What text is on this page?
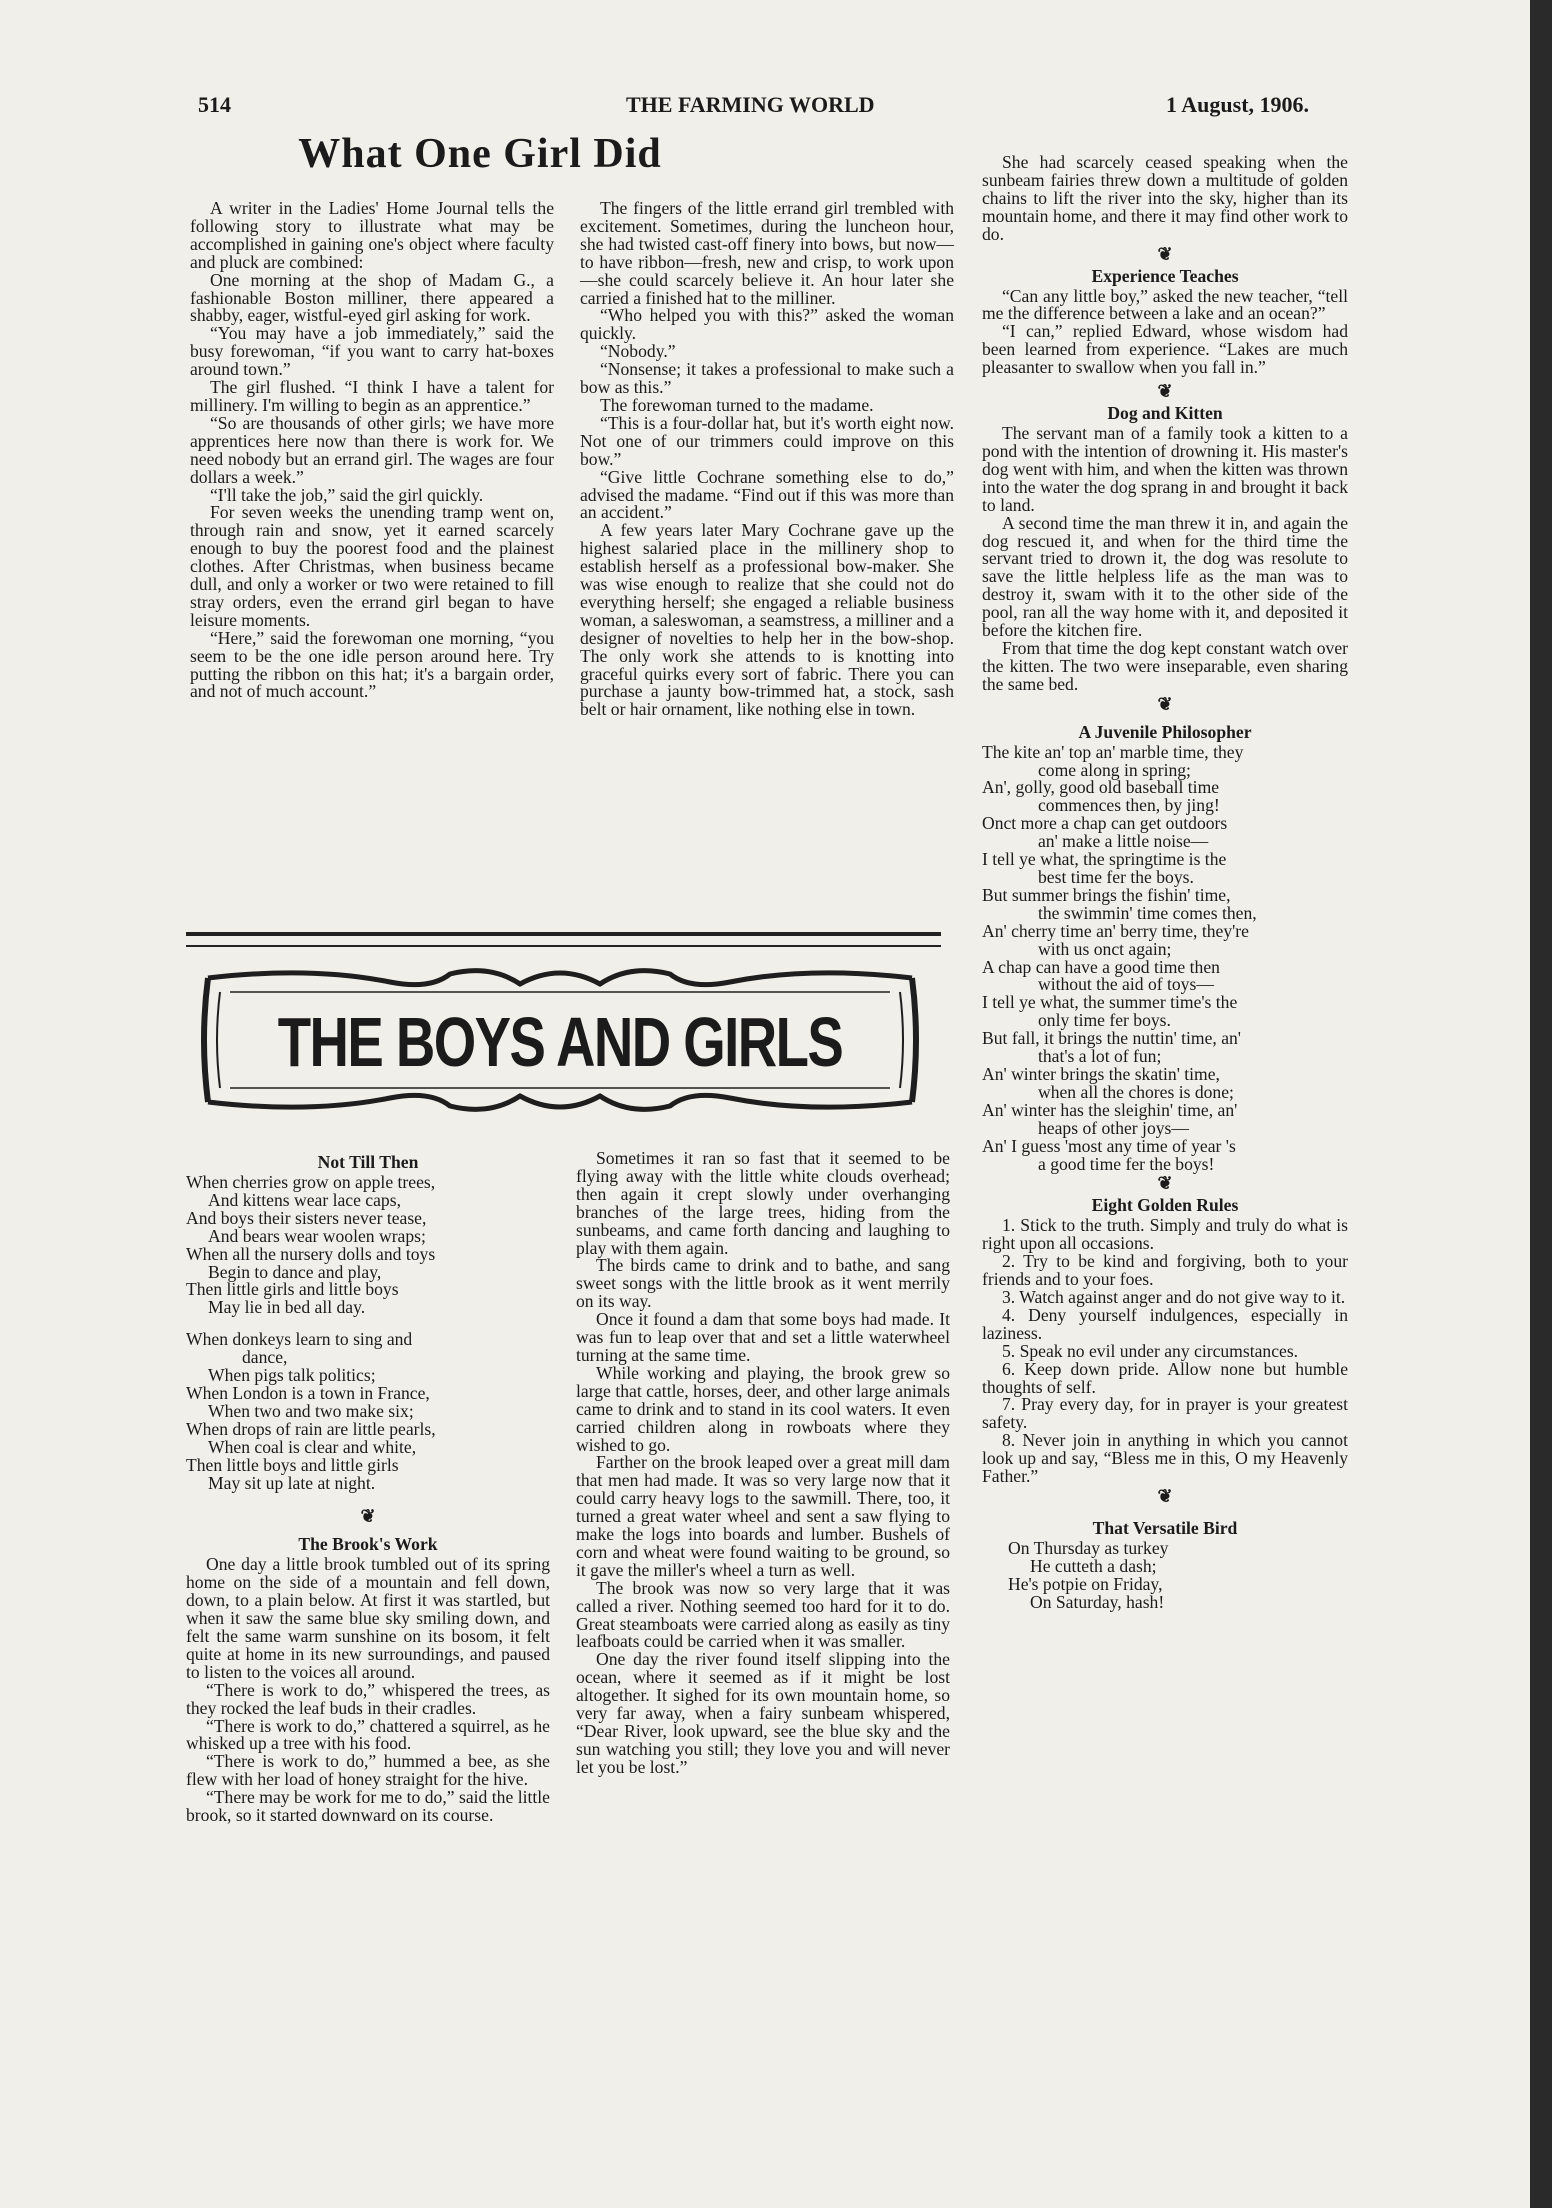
514	THE FARMING WORLD	1 August, 1906.
What One Girl Did

A writer in the Ladies' Home Journal tells the following story to illustrate what may be accomplished in gaining one's object where faculty and pluck are combined:

One morning at the shop of Madam G., a fashionable Boston milliner, there appeared a shabby, eager, wistful-eyed girl asking for work.

“You may have a job immediately,” said the busy forewoman, “if you want to carry hat-boxes around town.”

The girl flushed. “I think I have a talent for millinery. I'm willing to begin as an apprentice.”

“So are thousands of other girls; we have more apprentices here now than there is work for. We need nobody but an errand girl. The wages are four dollars a week.”

“I'll take the job,” said the girl quickly.

For seven weeks the unending tramp went on, through rain and snow, yet it earned scarcely enough to buy the poorest food and the plainest clothes. After Christmas, when business became dull, and only a worker or two were retained to fill stray orders, even the errand girl began to have leisure moments.

“Here,” said the forewoman one morning, “you seem to be the one idle person around here. Try putting the ribbon on this hat; it's a bargain order, and not of much account.”

The fingers of the little errand girl trembled with excitement. Sometimes, during the luncheon hour, she had twisted cast-off finery into bows, but now—to have ribbon—fresh, new and crisp, to work upon—she could scarcely believe it. An hour later she carried a finished hat to the milliner.

“Who helped you with this?” asked the woman quickly.

“Nobody.”

“Nonsense; it takes a professional to make such a bow as this.”

The forewoman turned to the madame.

“This is a four-dollar hat, but it's worth eight now. Not one of our trimmers could improve on this bow.”

“Give little Cochrane something else to do,” advised the madame. “Find out if this was more than an accident.”

A few years later Mary Cochrane gave up the highest salaried place in the millinery shop to establish herself as a professional bow-maker. She was wise enough to realize that she could not do everything herself; she engaged a reliable business woman, a saleswoman, a seamstress, a milliner and a designer of novelties to help her in the bow-shop. The only work she attends to is knotting into graceful quirks every sort of fabric. There you can purchase a jaunty bow-trimmed hat, a stock, sash belt or hair ornament, like nothing else in town.

THE BOYS AND GIRLS
Not Till Then

When cherries grow on apple trees,

And kittens wear lace caps,

And boys their sisters never tease,

And bears wear woolen wraps;

When all the nursery dolls and toys

Begin to dance and play,

Then little girls and little boys

May lie in bed all day.

When donkeys learn to sing and

dance,

When pigs talk politics;

When London is a town in France,

When two and two make six;

When drops of rain are little pearls,

When coal is clear and white,

Then little boys and little girls

May sit up late at night.

❦
The Brook's Work

One day a little brook tumbled out of its spring home on the side of a mountain and fell down, down, to a plain below. At first it was startled, but when it saw the same blue sky smiling down, and felt the same warm sunshine on its bosom, it felt quite at home in its new surroundings, and paused to listen to the voices all around.

“There is work to do,” whispered the trees, as they rocked the leaf buds in their cradles.

“There is work to do,” chattered a squirrel, as he whisked up a tree with his food.

“There is work to do,” hummed a bee, as she flew with her load of honey straight for the hive.

“There may be work for me to do,” said the little brook, so it started downward on its course.

Sometimes it ran so fast that it seemed to be flying away with the little white clouds overhead; then again it crept slowly under overhanging branches of the large trees, hiding from the sunbeams, and came forth dancing and laughing to play with them again.

The birds came to drink and to bathe, and sang sweet songs with the little brook as it went merrily on its way.

Once it found a dam that some boys had made. It was fun to leap over that and set a little waterwheel turning at the same time.

While working and playing, the brook grew so large that cattle, horses, deer, and other large animals came to drink and to stand in its cool waters. It even carried children along in rowboats where they wished to go.

Farther on the brook leaped over a great mill dam that men had made. It was so very large now that it could carry heavy logs to the sawmill. There, too, it turned a great water wheel and sent a saw flying to make the logs into boards and lumber. Bushels of corn and wheat were found waiting to be ground, so it gave the miller's wheel a turn as well.

The brook was now so very large that it was called a river. Nothing seemed too hard for it to do. Great steamboats were carried along as easily as tiny leafboats could be carried when it was smaller.

One day the river found itself slipping into the ocean, where it seemed as if it might be lost altogether. It sighed for its own mountain home, so very far away, when a fairy sunbeam whispered, “Dear River, look upward, see the blue sky and the sun watching you still; they love you and will never let you be lost.”

She had scarcely ceased speaking when the sunbeam fairies threw down a multitude of golden chains to lift the river into the sky, higher than its mountain home, and there it may find other work to do.

❦
Experience Teaches

“Can any little boy,” asked the new teacher, “tell me the difference between a lake and an ocean?”

“I can,” replied Edward, whose wisdom had been learned from experience. “Lakes are much pleasanter to swallow when you fall in.”

❦
Dog and Kitten

The servant man of a family took a kitten to a pond with the intention of drowning it. His master's dog went with him, and when the kitten was thrown into the water the dog sprang in and brought it back to land.

A second time the man threw it in, and again the dog rescued it, and when for the third time the servant tried to drown it, the dog was resolute to save the little helpless life as the man was to destroy it, swam with it to the other side of the pool, ran all the way home with it, and deposited it before the kitchen fire.

From that time the dog kept constant watch over the kitten. The two were inseparable, even sharing the same bed.

❦
A Juvenile Philosopher

The kite an' top an' marble time, they

come along in spring;

An', golly, good old baseball time

commences then, by jing!

Onct more a chap can get outdoors

an' make a little noise—

I tell ye what, the springtime is the

best time fer the boys.

But summer brings the fishin' time,

the swimmin' time comes then,

An' cherry time an' berry time, they're

with us onct again;

A chap can have a good time then

without the aid of toys—

I tell ye what, the summer time's the

only time fer boys.

But fall, it brings the nuttin' time, an'

that's a lot of fun;

An' winter brings the skatin' time,

when all the chores is done;

An' winter has the sleighin' time, an'

heaps of other joys—

An' I guess 'most any time of year 's

a good time fer the boys!

❦
Eight Golden Rules

1. Stick to the truth. Simply and truly do what is right upon all occasions.

2. Try to be kind and forgiving, both to your friends and to your foes.

3. Watch against anger and do not give way to it.

4. Deny yourself indulgences, especially in laziness.

5. Speak no evil under any circumstances.

6. Keep down pride. Allow none but humble thoughts of self.

7. Pray every day, for in prayer is your greatest safety.

8. Never join in anything in which you cannot look up and say, “Bless me in this, O my Heavenly Father.”

❦
That Versatile Bird

On Thursday as turkey

He cutteth a dash;

He's potpie on Friday,

On Saturday, hash!
